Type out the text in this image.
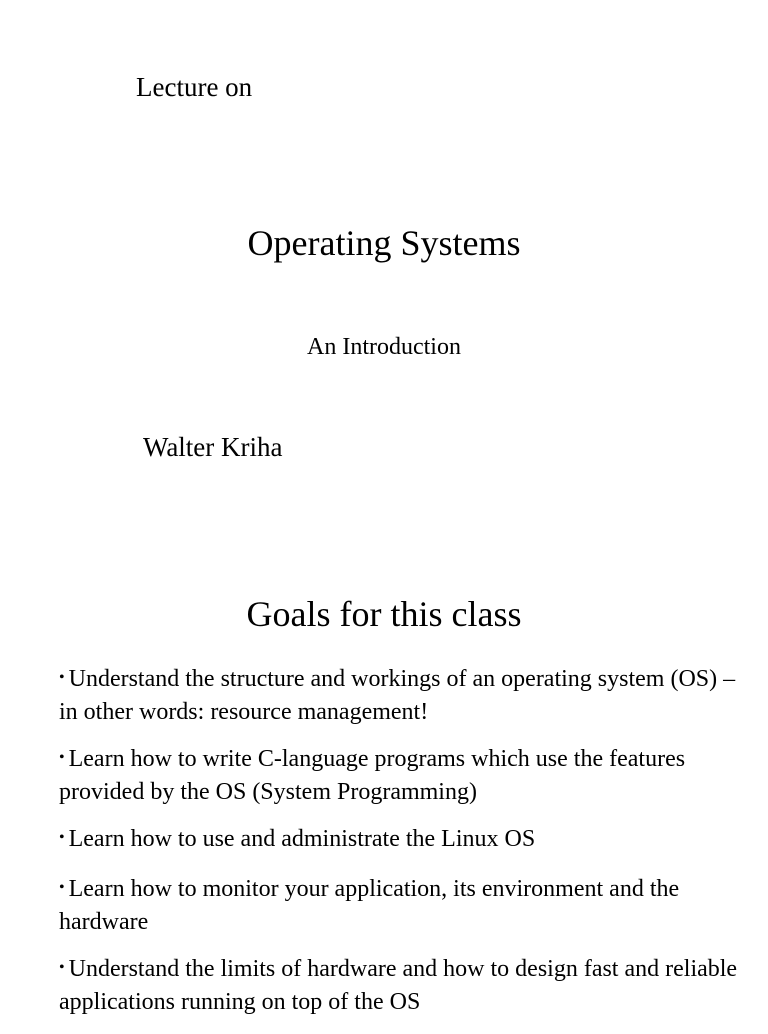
Lecture on
Operating Systems
An Introduction
Walter Kriha
Goals for this class
• Understand the structure and workings of an operating system (OS) – in other words: resource management!
• Learn how to write C-language programs which use the features provided by the OS (System Programming)
• Learn how to use and administrate the Linux OS
• Learn how to monitor your application, its environment and the hardware
• Understand the limits of hardware and how to design fast and reliable applications running on top of the OS
